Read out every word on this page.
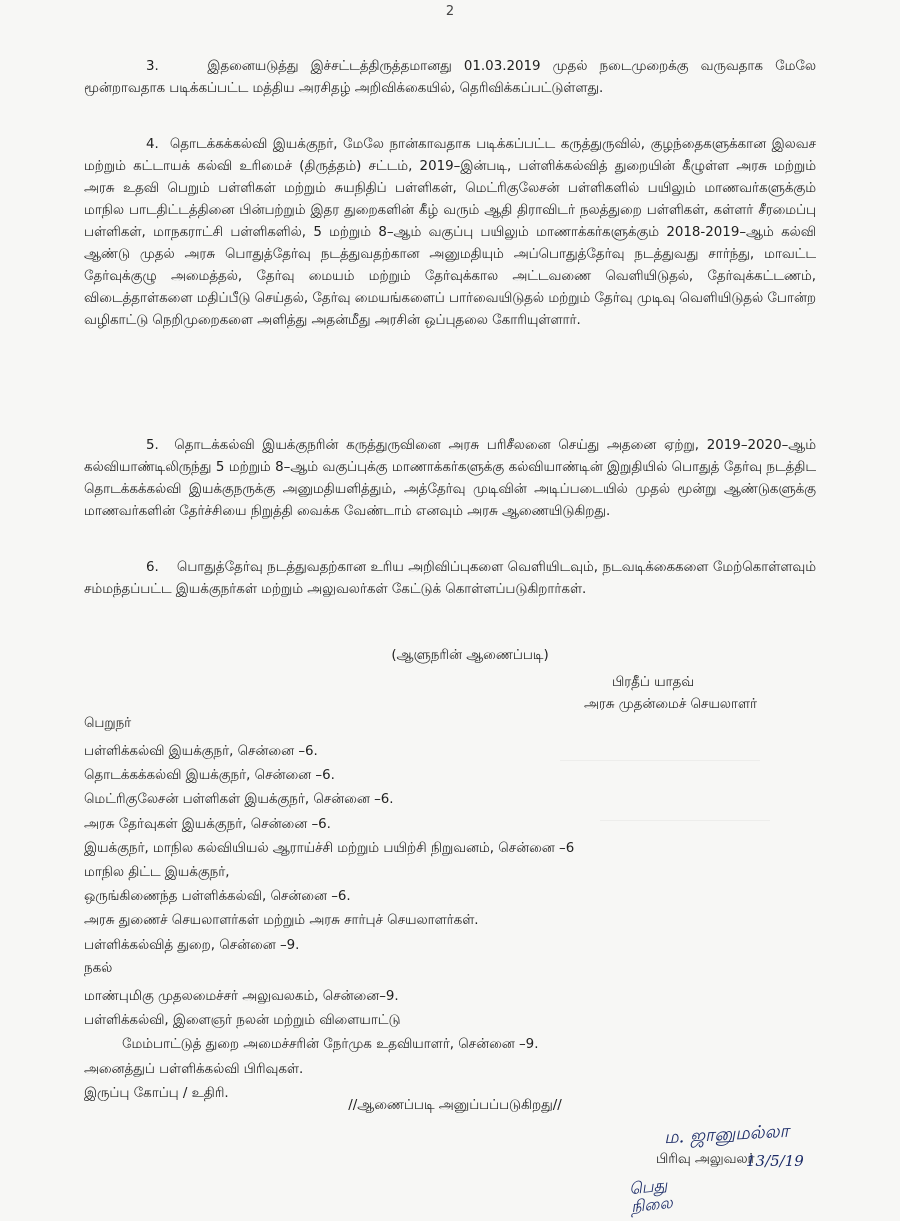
2

3.	இதனையடுத்து இச்சட்டத்திருத்தமானது 01.03.2019 முதல் நடைமுறைக்கு வருவதாக மேலே மூன்றாவதாக படிக்கப்பட்ட மத்திய அரசிதழ் அறிவிக்கையில், தெரிவிக்கப்பட்டுள்ளது.

4. தொடக்கக்கல்வி இயக்குநர், மேலே நான்காவதாக படிக்கப்பட்ட கருத்துருவில், குழந்தைகளுக்கான இலவச மற்றும் கட்டாயக் கல்வி உரிமைச் (திருத்தம்) சட்டம், 2019–இன்படி, பள்ளிக்கல்வித் துறையின் கீழுள்ள அரசு மற்றும் அரசு உதவி பெறும் பள்ளிகள் மற்றும் சுயநிதிப் பள்ளிகள், மெட்ரிகுலேசன் பள்ளிகளில் பயிலும் மாணவர்களுக்கும் மாநில பாடதிட்டத்தினை பின்பற்றும் இதர துறைகளின் கீழ் வரும் ஆதி திராவிடர் நலத்துறை பள்ளிகள், கள்ளர் சீரமைப்பு பள்ளிகள், மாநகராட்சி பள்ளிகளில், 5 மற்றும் 8–ஆம் வகுப்பு பயிலும் மாணாக்கர்களுக்கும் 2018-2019–ஆம் கல்வி ஆண்டு முதல் அரசு பொதுத்தேர்வு நடத்துவதற்கான அனுமதியும் அப்பொதுத்தேர்வு நடத்துவது சார்ந்து, மாவட்ட தேர்வுக்குழு அமைத்தல், தேர்வு மையம் மற்றும் தேர்வுக்கால அட்டவணை வெளியிடுதல், தேர்வுக்கட்டணம், விடைத்தாள்களை மதிப்பீடு செய்தல், தேர்வு மையங்களைப் பார்வையிடுதல் மற்றும் தேர்வு முடிவு வெளியிடுதல் போன்ற வழிகாட்டு நெறிமுறைகளை அளித்து அதன்மீது அரசின் ஒப்புதலை கோரியுள்ளார்.

5. தொடக்கல்வி இயக்குநரின் கருத்துருவினை அரசு பரிசீலனை செய்து அதனை ஏற்று, 2019–2020–ஆம் கல்வியாண்டிலிருந்து 5 மற்றும் 8–ஆம் வகுப்புக்கு மாணாக்கர்களுக்கு கல்வியாண்டின் இறுதியில் பொதுத் தேர்வு நடத்திட தொடக்கக்கல்வி இயக்குநருக்கு அனுமதியளித்தும், அத்தேர்வு முடிவின் அடிப்படையில் முதல் மூன்று ஆண்டுகளுக்கு மாணவர்களின் தேர்ச்சியை நிறுத்தி வைக்க வேண்டாம் எனவும் அரசு ஆணையிடுகிறது.

6. பொதுத்தேர்வு நடத்துவதற்கான உரிய அறிவிப்புகளை வெளியிடவும், நடவடிக்கைகளை மேற்கொள்ளவும் சம்மந்தப்பட்ட இயக்குநர்கள் மற்றும் அலுவலர்கள் கேட்டுக் கொள்ளப்படுகிறார்கள்.

(ஆளுநரின் ஆணைப்படி)
பிரதீப் யாதவ்
அரசு முதன்மைச் செயலாளர்
பெறுநர்
பள்ளிக்கல்வி இயக்குநர், சென்னை –6.
தொடக்கக்கல்வி இயக்குநர், சென்னை –6.
மெட்ரிகுலேசன் பள்ளிகள் இயக்குநர், சென்னை –6.
அரசு தேர்வுகள் இயக்குநர், சென்னை –6.
இயக்குநர், மாநில கல்வியியல் ஆராய்ச்சி மற்றும் பயிற்சி நிறுவனம், சென்னை –6
மாநில திட்ட இயக்குநர்,
ஒருங்கிணைந்த பள்ளிக்கல்வி, சென்னை –6.
அரசு துணைச் செயலாளர்கள் மற்றும் அரசு சார்புச் செயலாளர்கள்.
பள்ளிக்கல்வித் துறை, சென்னை –9.
நகல்
மாண்புமிகு முதலமைச்சர் அலுவலகம், சென்னை–9.
பள்ளிக்கல்வி, இளைஞர் நலன் மற்றும் விளையாட்டு
மேம்பாட்டுத் துறை அமைச்சரின் நேர்முக உதவியாளர், சென்னை –9.
அனைத்துப் பள்ளிக்கல்வி பிரிவுகள்.
இருப்பு கோப்பு / உதிரி.
//ஆணைப்படி அனுப்பப்படுகிறது//
ம. ஜானுமல்லா
பிரிவு அலுவலர்
13/5/19
பெது
நிலை
